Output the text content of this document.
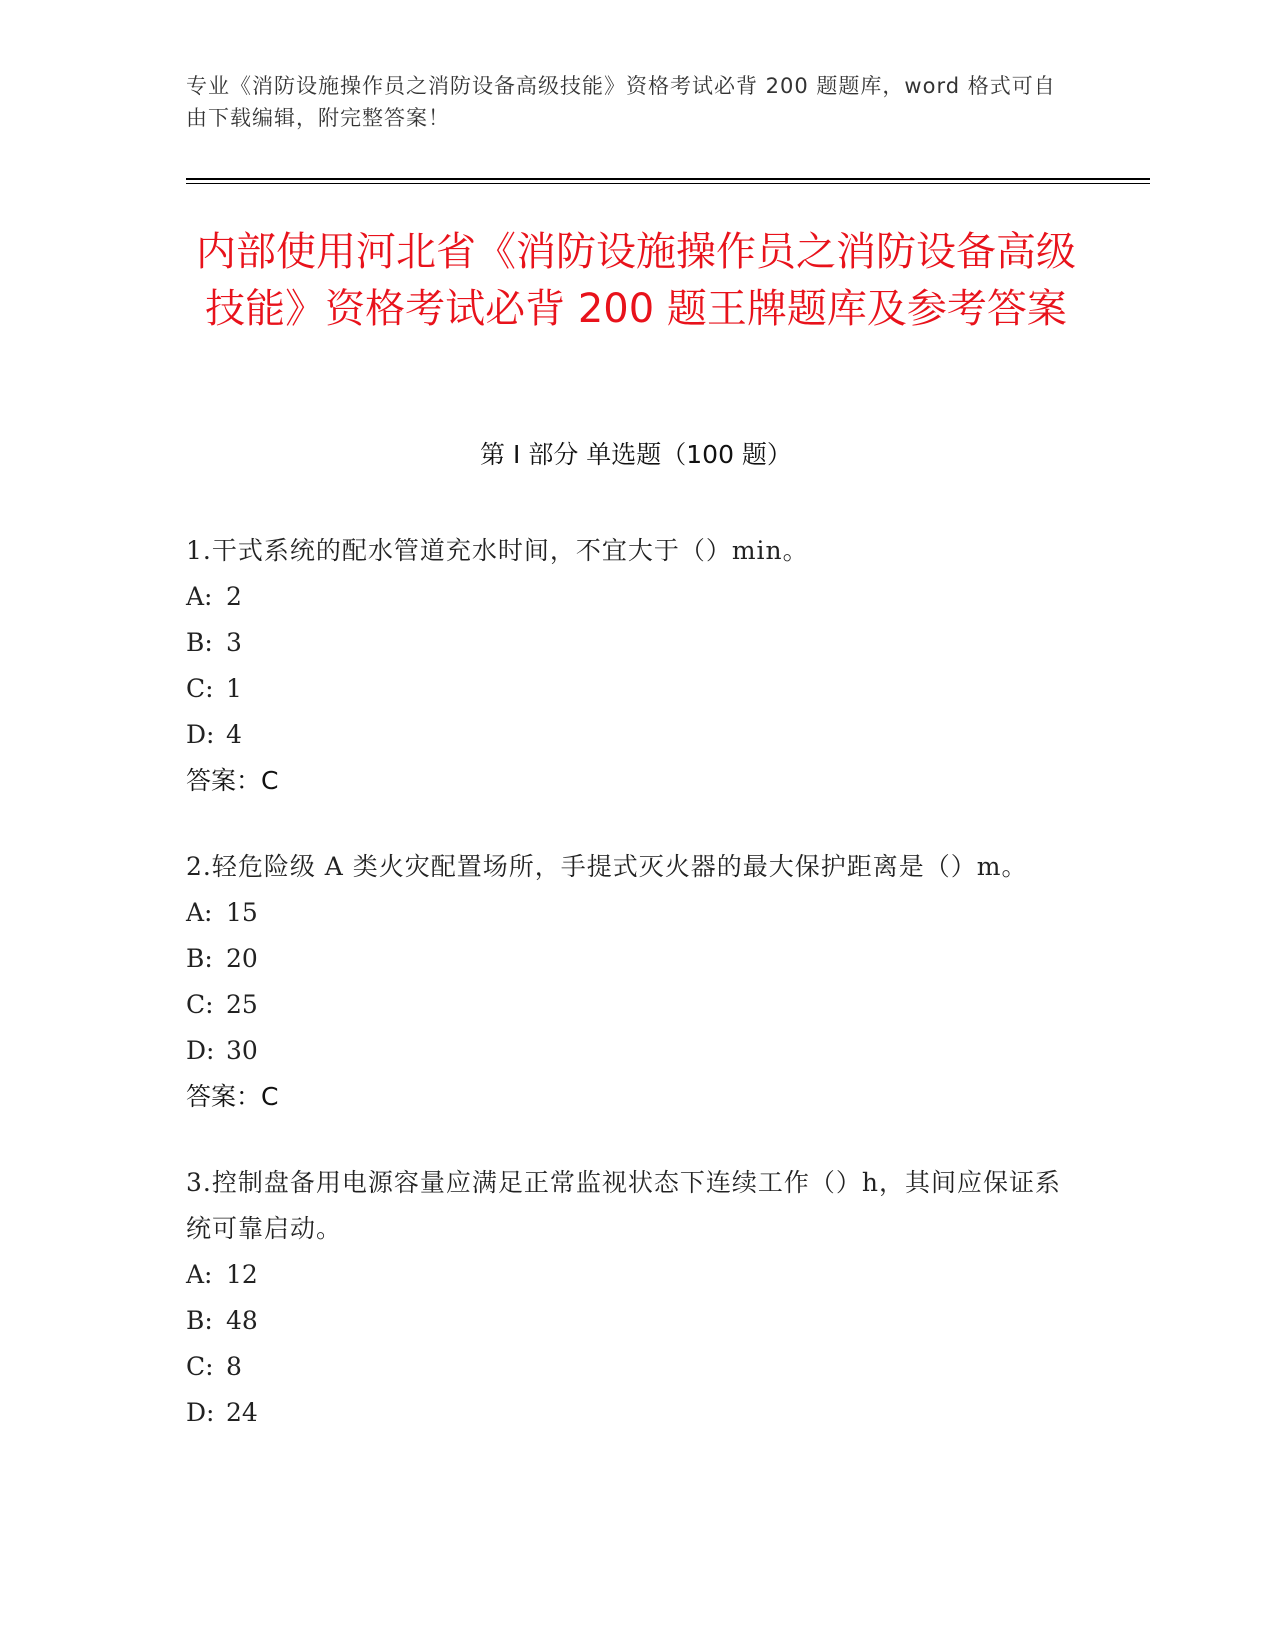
专业《消防设施操作员之消防设备高级技能》资格考试必背 200 题题库，word 格式可自由下载编辑，附完整答案！
内部使用河北省《消防设施操作员之消防设备高级技能》资格考试必背 200 题王牌题库及参考答案
第 I 部分 单选题（100 题）
1.干式系统的配水管道充水时间，不宜大于（）min。
A: 2
B: 3
C: 1
D: 4
答案：C
2.轻危险级 A 类火灾配置场所，手提式灭火器的最大保护距离是（）m。
A: 15
B: 20
C: 25
D: 30
答案：C
3.控制盘备用电源容量应满足正常监视状态下连续工作（）h，其间应保证系统可靠启动。
A: 12
B: 48
C: 8
D: 24
